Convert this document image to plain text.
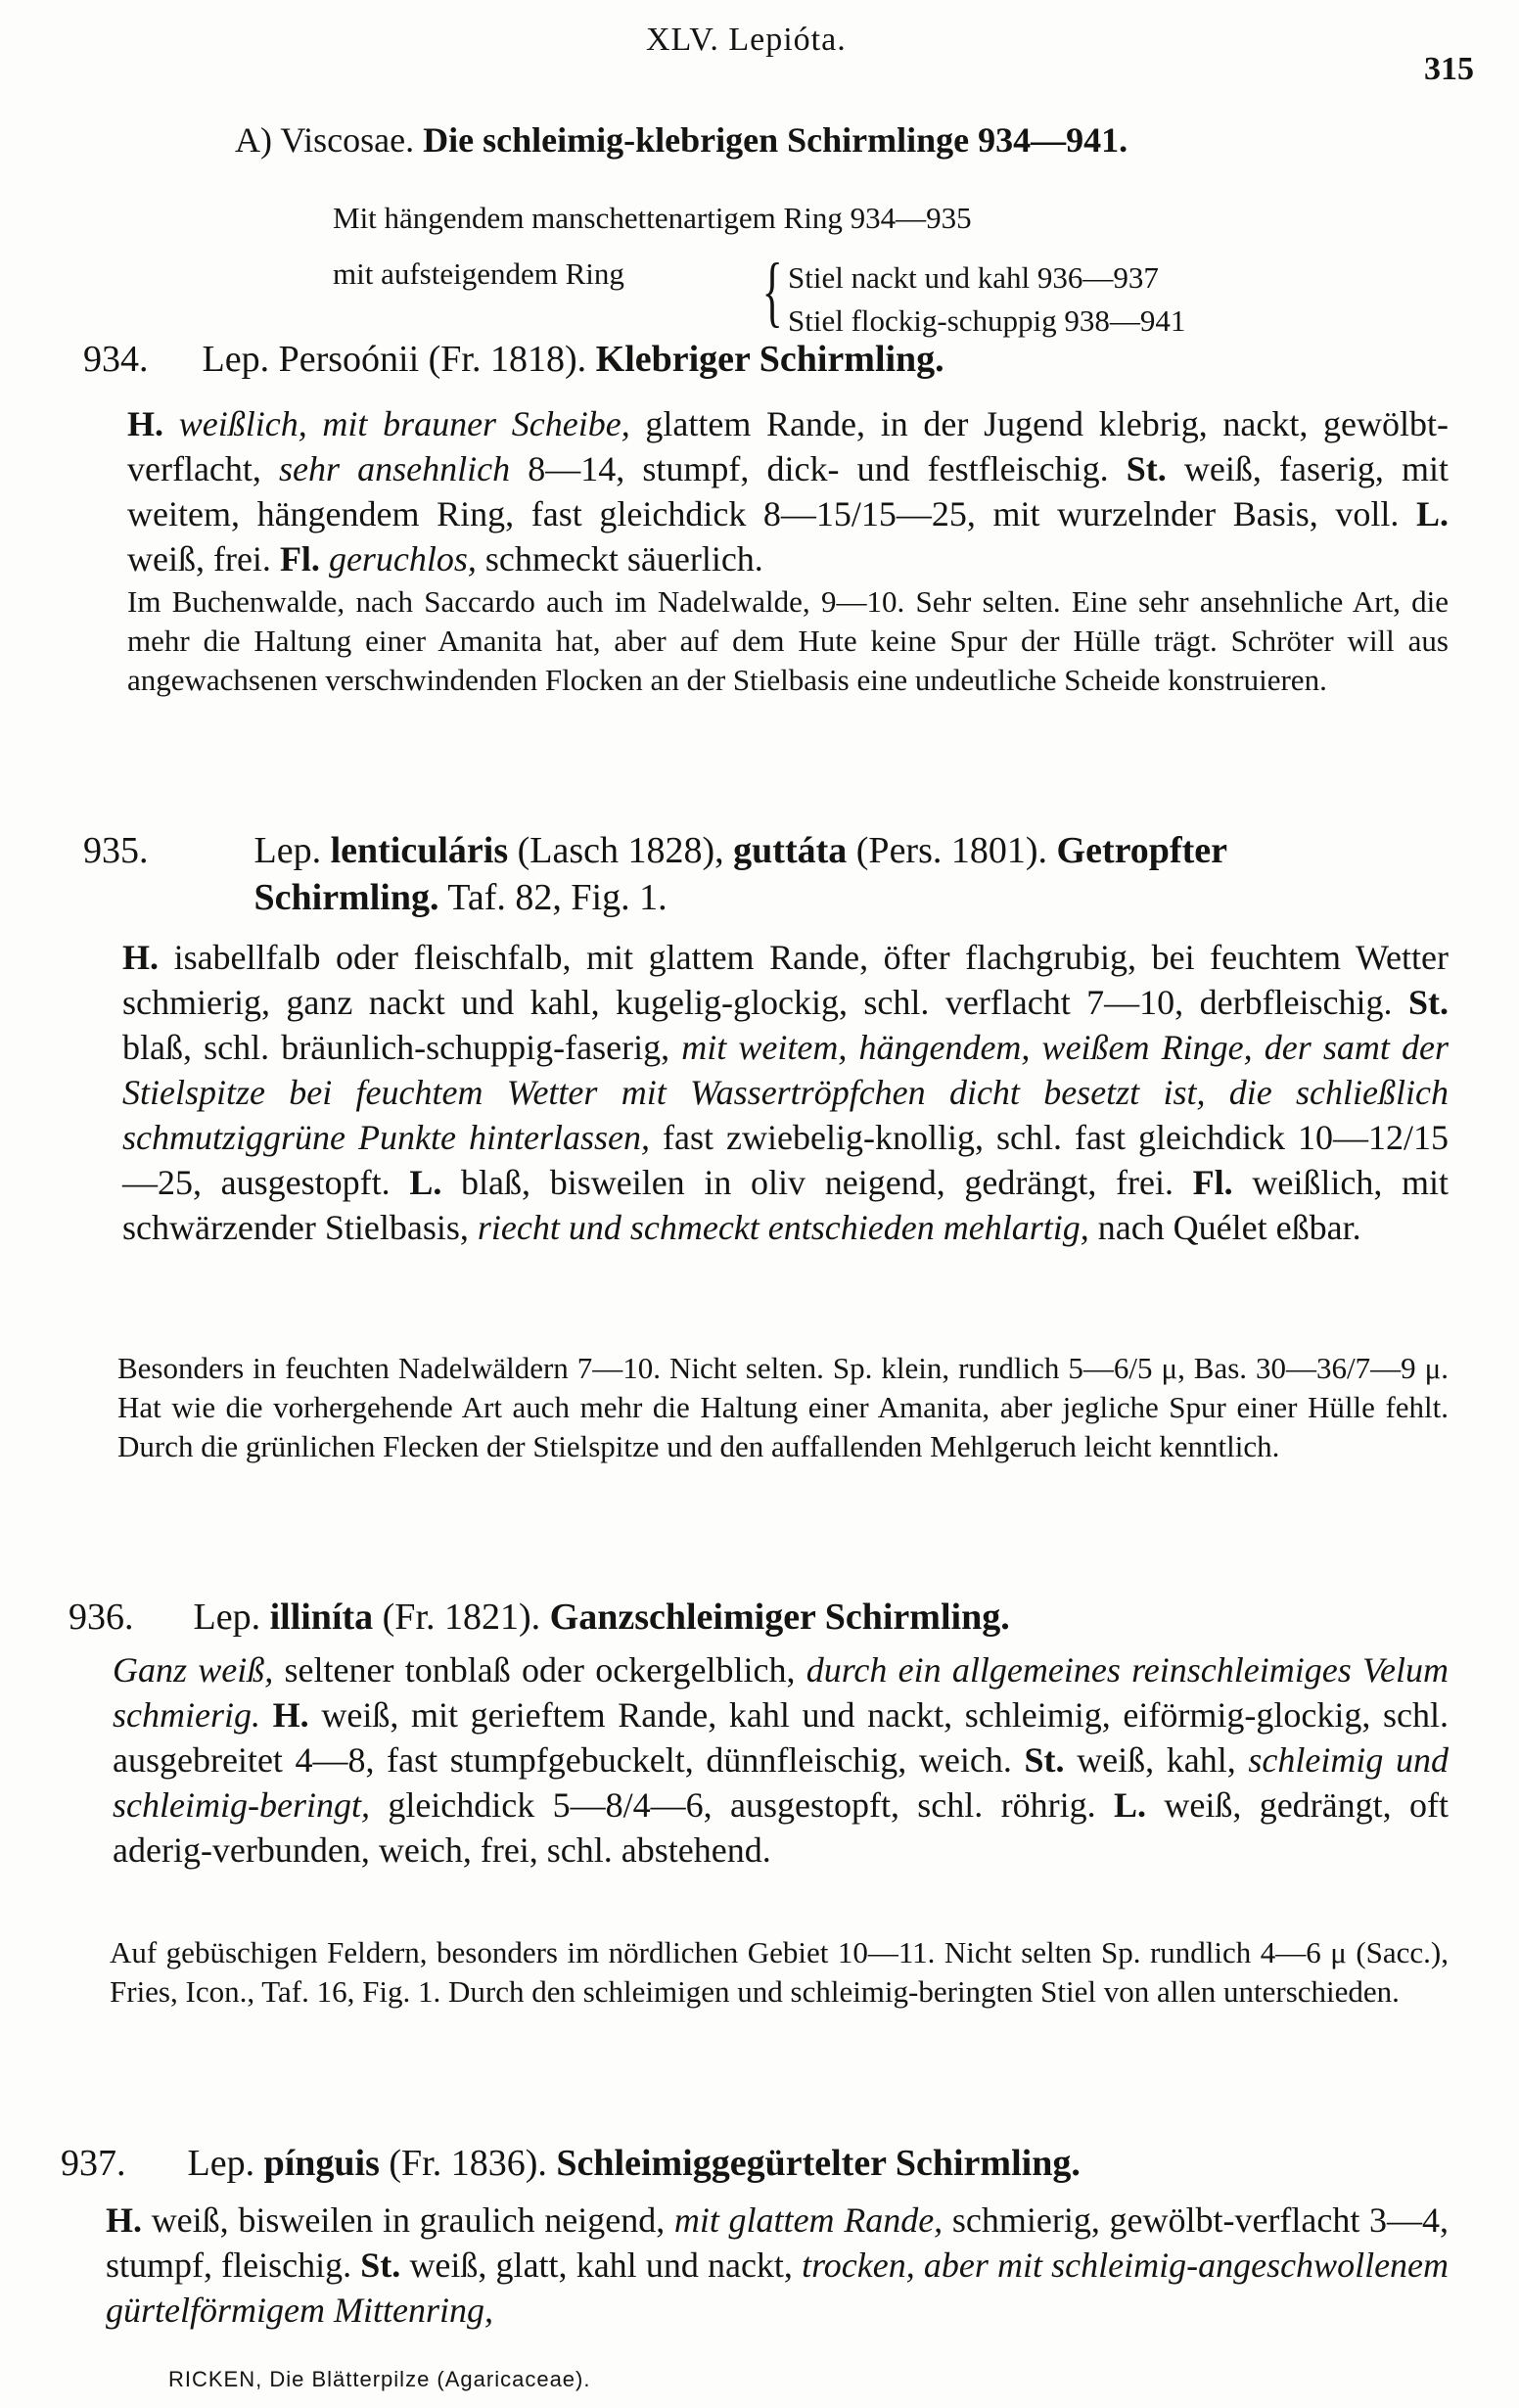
XLV. Lepióta.
315
A) Viscosae. Die schleimig-klebrigen Schirmlinge 934—941.
Mit hängendem manschettenartigem Ring 934—935
mit aufsteigendem Ring { Stiel nackt und kahl 936—937
Stiel flockig-schuppig 938—941
934. Lep. Persoónii (Fr. 1818). Klebriger Schirmling.
H. weißlich, mit brauner Scheibe, glattem Rande, in der Jugend klebrig, nackt, gewölbt-verflacht, sehr ansehnlich 8—14, stumpf, dick- und festfleischig. St. weiß, faserig, mit weitem, hängendem Ring, fast gleichdick 8—15/15—25, mit wurzelnder Basis, voll. L. weiß, frei. Fl. geruchlos, schmeckt säuerlich.
Im Buchenwalde, nach Saccardo auch im Nadelwalde, 9—10. Sehr selten. Eine sehr ansehnliche Art, die mehr die Haltung einer Amanita hat, aber auf dem Hute keine Spur der Hülle trägt. Schröter will aus angewachsenen verschwindenden Flocken an der Stielbasis eine undeutliche Scheide konstruieren.
935.	Lep. lenticuláris (Lasch 1828), guttáta (Pers. 1801). Getropfter
Schirmling. Taf. 82, Fig. 1.
H. isabellfalb oder fleischfalb, mit glattem Rande, öfter flachgrubig, bei feuchtem Wetter schmierig, ganz nackt und kahl, kugelig-glockig, schl. verflacht 7—10, derbfleischig. St. blaß, schl. bräunlich-schuppig-faserig, mit weitem, hängendem, weißem Ringe, der samt der Stielspitze bei feuchtem Wetter mit Wassertröpfchen dicht besetzt ist, die schließlich schmutziggrüne Punkte hinterlassen, fast zwiebelig-knollig, schl. fast gleichdick 10—12/15—25, ausgestopft. L. blaß, bisweilen in oliv neigend, gedrängt, frei. Fl. weißlich, mit schwärzender Stielbasis, riecht und schmeckt entschieden mehlartig, nach Quélet eßbar.
Besonders in feuchten Nadelwäldern 7—10. Nicht selten. Sp. klein, rundlich 5—6/5 μ, Bas. 30—36/7—9 μ. Hat wie die vorhergehende Art auch mehr die Haltung einer Amanita, aber jegliche Spur einer Hülle fehlt. Durch die grünlichen Flecken der Stielspitze und den auffallenden Mehlgeruch leicht kenntlich.
936. Lep. illiníta (Fr. 1821). Ganzschleimiger Schirmling.
Ganz weiß, seltener tonblaß oder ockergelblich, durch ein allgemeines reinschleimiges Velum schmierig. H. weiß, mit gerieftem Rande, kahl und nackt, schleimig, eiförmig-glockig, schl. ausgebreitet 4—8, fast stumpfgebuckelt, dünnfleischig, weich. St. weiß, kahl, schleimig und schleimig-beringt, gleichdick 5—8/4—6, ausgestopft, schl. röhrig. L. weiß, gedrängt, oft aderig-verbunden, weich, frei, schl. abstehend.
Auf gebüschigen Feldern, besonders im nördlichen Gebiet 10—11. Nicht selten Sp. rundlich 4—6 μ (Sacc.), Fries, Icon., Taf. 16, Fig. 1. Durch den schleimigen und schleimig-beringten Stiel von allen unterschieden.
937. Lep. pínguis (Fr. 1836). Schleimiggegürtelter Schirmling.
H. weiß, bisweilen in graulich neigend, mit glattem Rande, schmierig, gewölbt-verflacht 3—4, stumpf, fleischig. St. weiß, glatt, kahl und nackt, trocken, aber mit schleimig-angeschwollenem gürtelförmigem Mittenring,
RICKEN, Die Blätterpilze (Agaricaceae).
